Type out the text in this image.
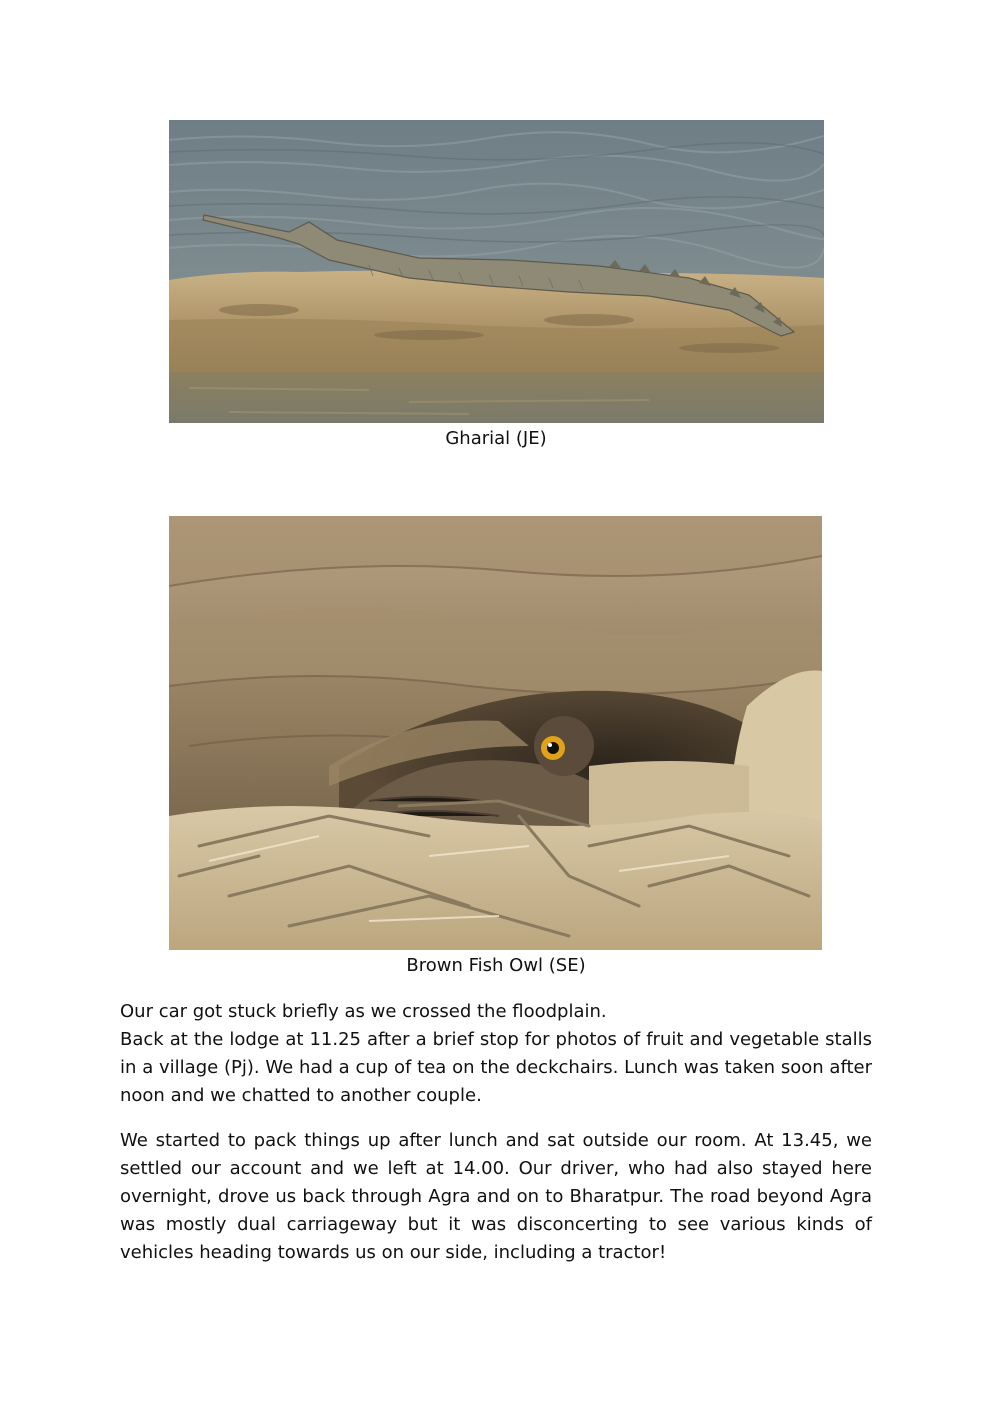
Gharial (JE)
Brown Fish Owl (SE)

Our car got stuck briefly as we crossed the floodplain.

Back at the lodge at 11.25 after a brief stop for photos of fruit and vegetable stalls in a village (Pj). We had a cup of tea on the deckchairs. Lunch was taken soon after noon and we chatted to another couple.

We started to pack things up after lunch and sat outside our room. At 13.45, we settled our account and we left at 14.00. Our driver, who had also stayed here overnight, drove us back through Agra and on to Bharatpur. The road beyond Agra was mostly dual carriageway but it was disconcerting to see various kinds of vehicles heading towards us on our side, including a tractor!
